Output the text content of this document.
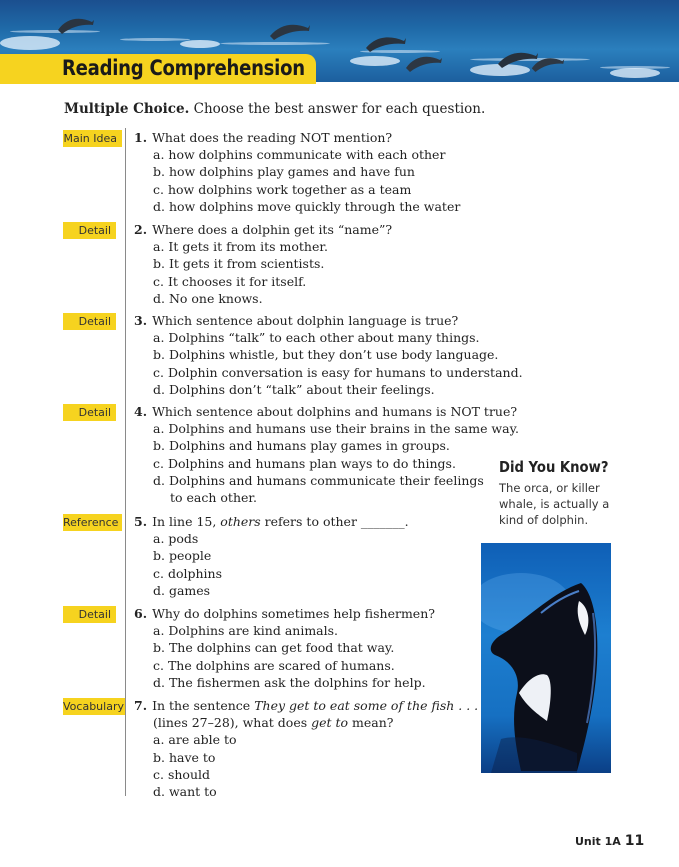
Reading Comprehension
Multiple Choice. Choose the best answer for each question.
Main Idea
Detail
Detail
Detail
Reference
Detail
Vocabulary
1. What does the reading NOT mention?
a. how dolphins communicate with each other
b. how dolphins play games and have fun
c. how dolphins work together as a team
d. how dolphins move quickly through the water
2. Where does a dolphin get its “name”?
a. It gets it from its mother.
b. It gets it from scientists.
c. It chooses it for itself.
d. No one knows.
3. Which sentence about dolphin language is true?
a. Dolphins “talk” to each other about many things.
b. Dolphins whistle, but they don’t use body language.
c. Dolphin conversation is easy for humans to understand.
d. Dolphins don’t “talk” about their feelings.
4. Which sentence about dolphins and humans is NOT true?
a. Dolphins and humans use their brains in the same way.
b. Dolphins and humans play games in groups.
c. Dolphins and humans plan ways to do things.
d. Dolphins and humans communicate their feelings
to each other.
5. In line 15, others refers to other _______.
a. pods
b. people
c. dolphins
d. games
6. Why do dolphins sometimes help fishermen?
a. Dolphins are kind animals.
b. The dolphins can get food that way.
c. The dolphins are scared of humans.
d. The fishermen ask the dolphins for help.
7. In the sentence They get to eat some of the fish . . .
(lines 27–28), what does get to mean?
a. are able to
b. have to
c. should
d. want to
Did You Know?
The orca, or killer whale, is actually a kind of dolphin.
Unit 1A 11
